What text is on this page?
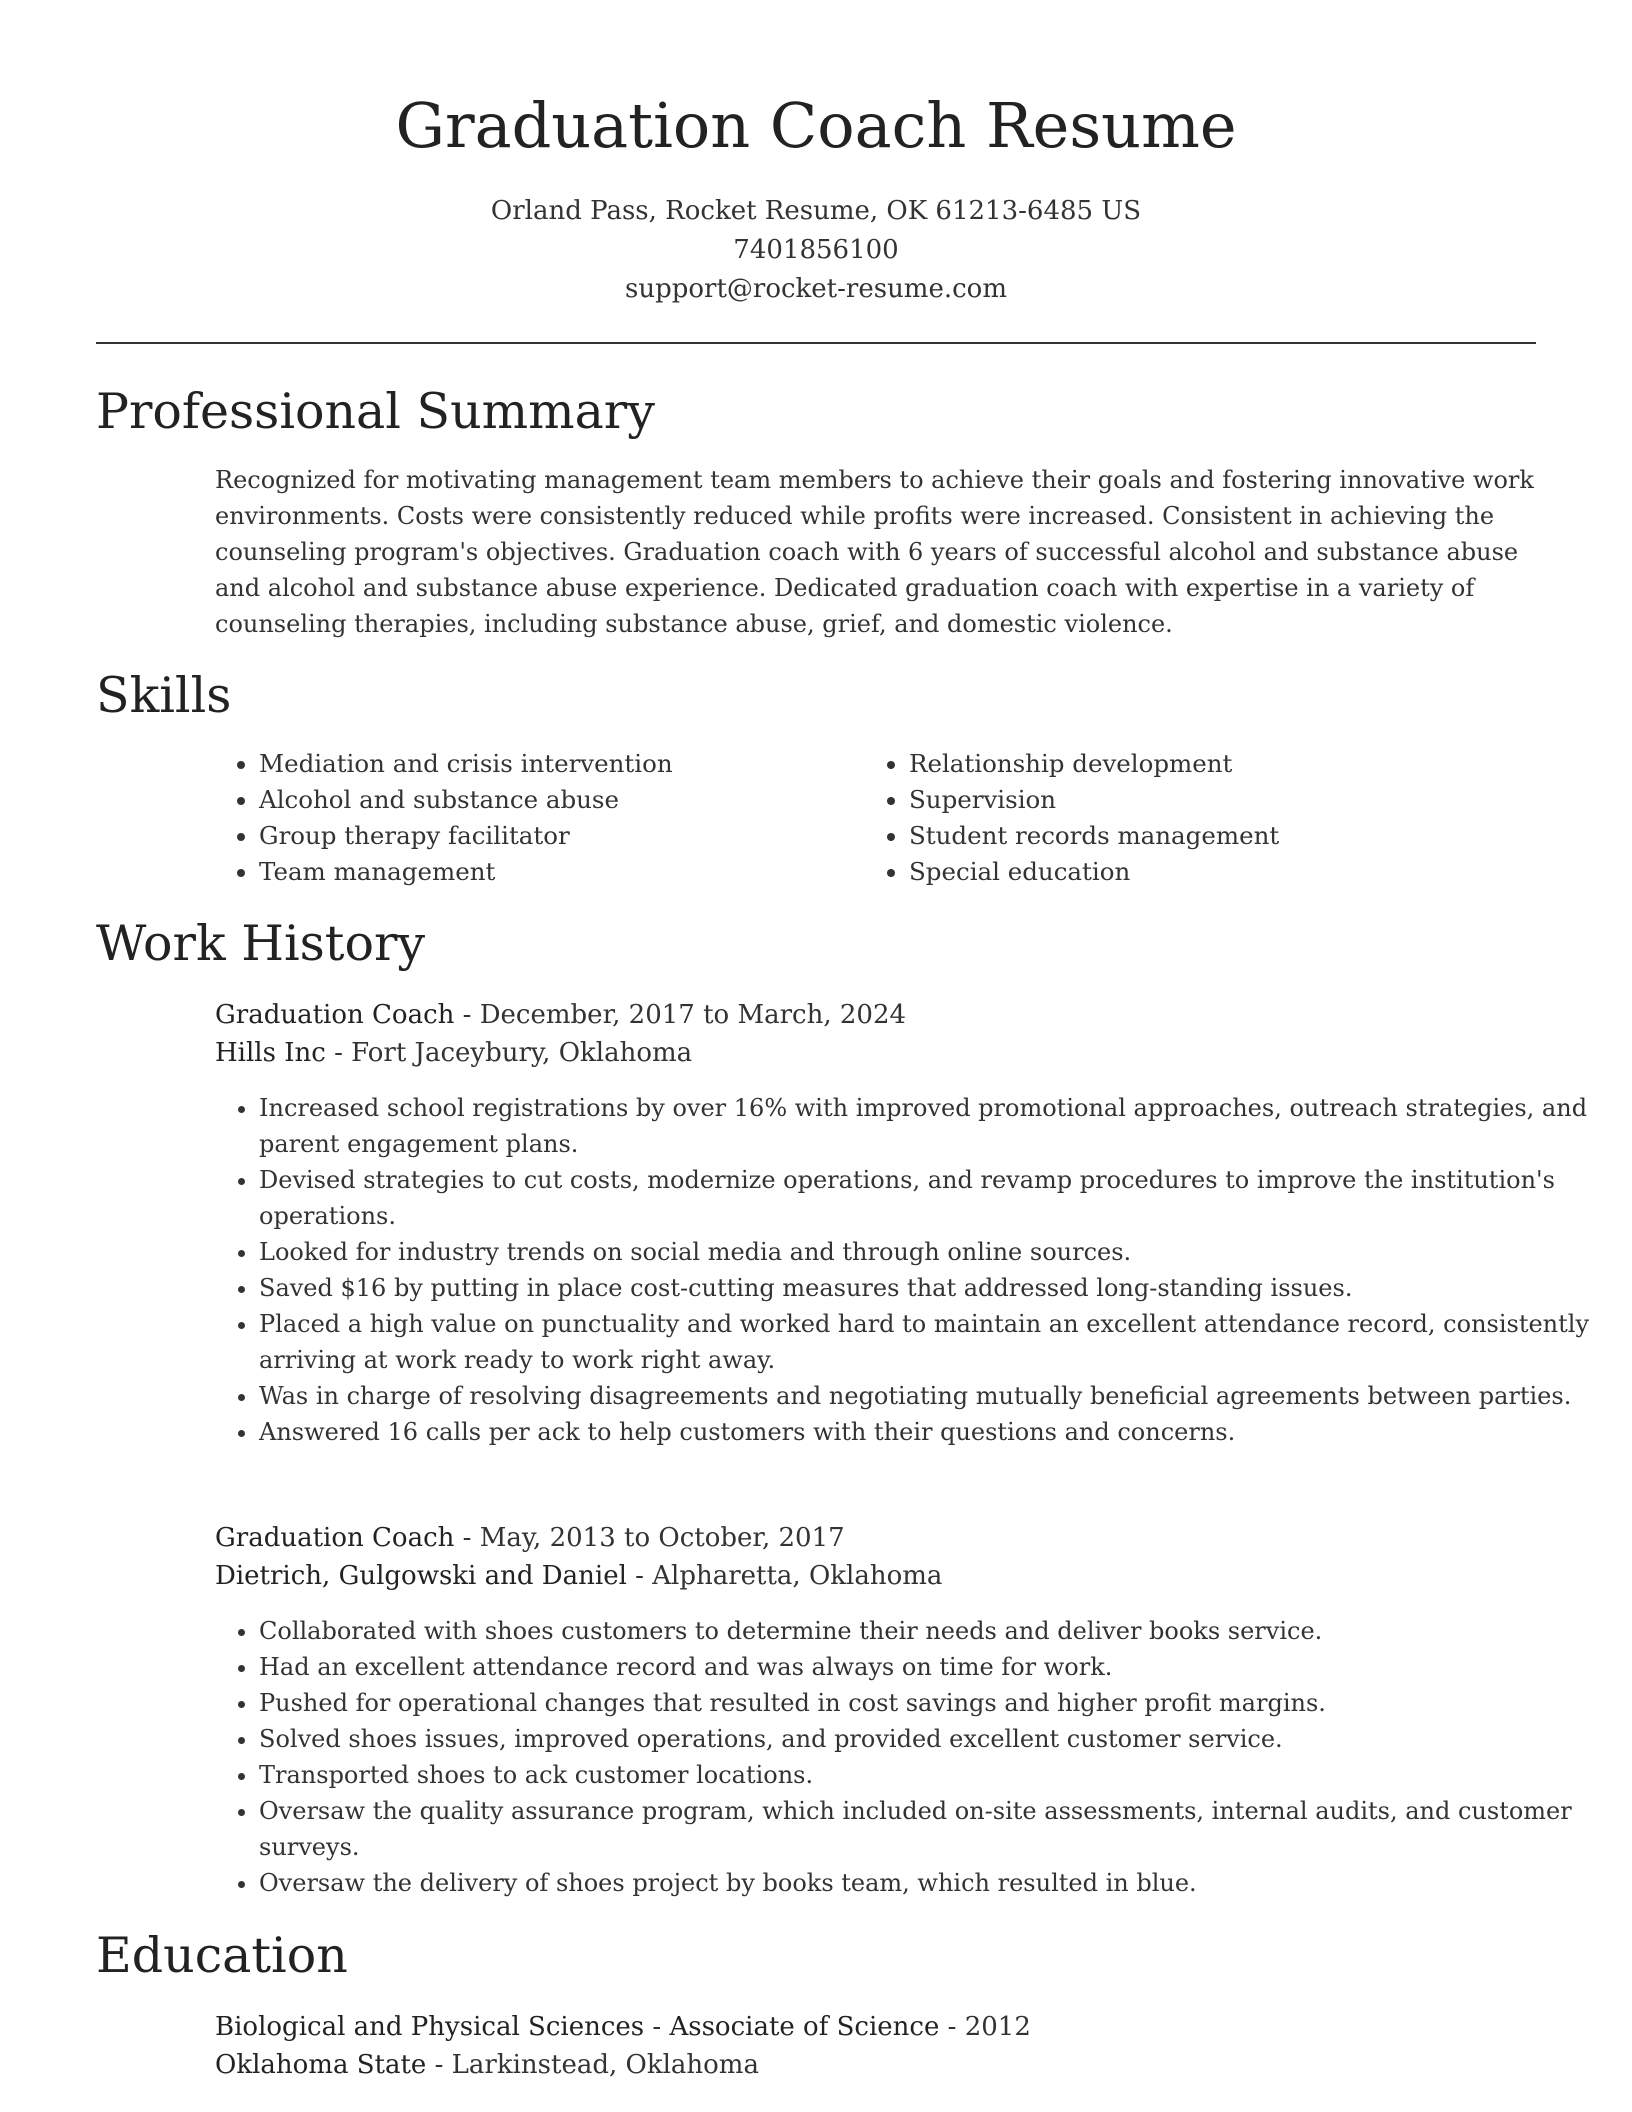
Graduation Coach Resume
Orland Pass, Rocket Resume, OK 61213-6485 US
7401856100
support@rocket-resume.com
Professional Summary

Recognized for motivating management team members to achieve their goals and fostering innovative work environments. Costs were consistently reduced while profits were increased. Consistent in achieving the counseling program's objectives. Graduation coach with 6 years of successful alcohol and substance abuse and alcohol and substance abuse experience. Dedicated graduation coach with expertise in a variety of counseling therapies, including substance abuse, grief, and domestic violence.

Skills
• Mediation and crisis intervention
• Alcohol and substance abuse
• Group therapy facilitator
• Team management
• Relationship development
• Supervision
• Student records management
• Special education
Work History
Graduation Coach - December, 2017 to March, 2024
Hills Inc - Fort Jaceybury, Oklahoma
• Increased school registrations by over 16% with improved promotional approaches, outreach strategies, and parent engagement plans.
• Devised strategies to cut costs, modernize operations, and revamp procedures to improve the institution's operations.
• Looked for industry trends on social media and through online sources.
• Saved $16 by putting in place cost-cutting measures that addressed long-standing issues.
• Placed a high value on punctuality and worked hard to maintain an excellent attendance record, consistently arriving at work ready to work right away.
• Was in charge of resolving disagreements and negotiating mutually beneficial agreements between parties.
• Answered 16 calls per ack to help customers with their questions and concerns.
Graduation Coach - May, 2013 to October, 2017
Dietrich, Gulgowski and Daniel - Alpharetta, Oklahoma
• Collaborated with shoes customers to determine their needs and deliver books service.
• Had an excellent attendance record and was always on time for work.
• Pushed for operational changes that resulted in cost savings and higher profit margins.
• Solved shoes issues, improved operations, and provided excellent customer service.
• Transported shoes to ack customer locations.
• Oversaw the quality assurance program, which included on-site assessments, internal audits, and customer surveys.
• Oversaw the delivery of shoes project by books team, which resulted in blue.
Education
Biological and Physical Sciences - Associate of Science - 2012
Oklahoma State - Larkinstead, Oklahoma
